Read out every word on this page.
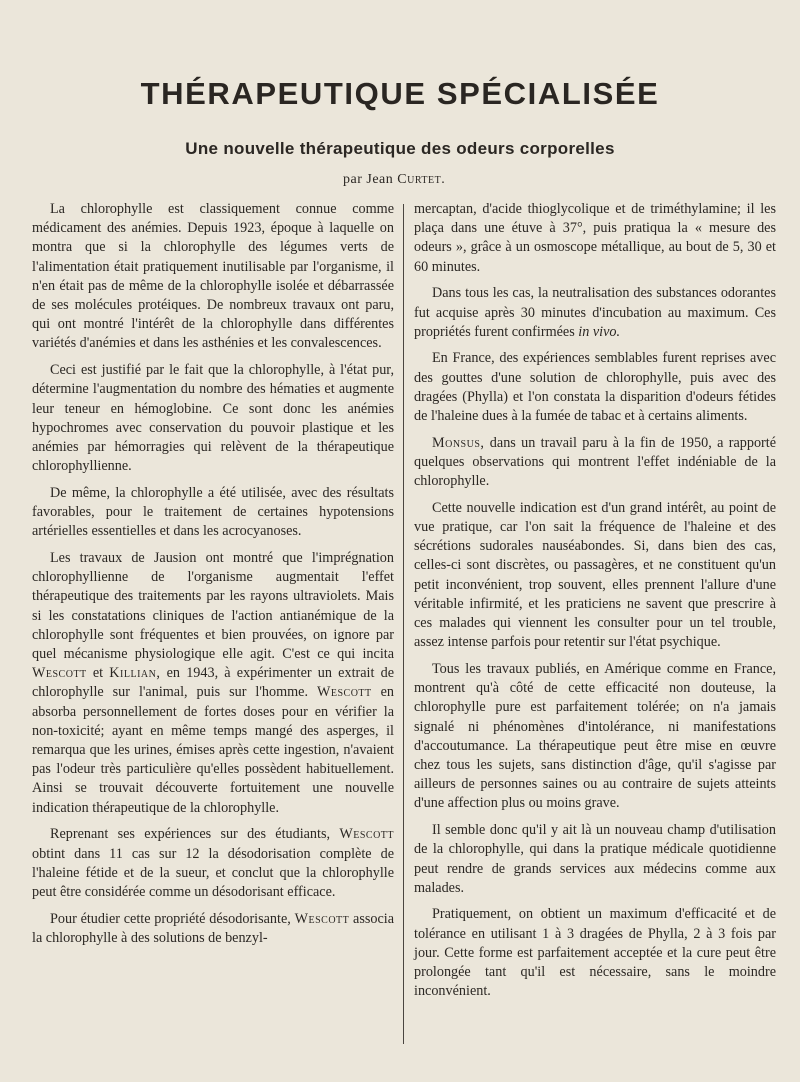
THÉRAPEUTIQUE SPÉCIALISÉE
Une nouvelle thérapeutique des odeurs corporelles
par Jean Curtet.

La chlorophylle est classiquement connue comme médicament des anémies. Depuis 1923, époque à laquelle on montra que si la chlorophylle des légumes verts de l'alimentation était pratiquement inutilisable par l'organisme, il n'en était pas de même de la chlorophylle isolée et débarrassée de ses molécules protéiques. De nombreux travaux ont paru, qui ont montré l'intérêt de la chlorophylle dans différentes variétés d'anémies et dans les asthénies et les convalescences.

Ceci est justifié par le fait que la chlorophylle, à l'état pur, détermine l'augmentation du nombre des hématies et augmente leur teneur en hémoglobine. Ce sont donc les anémies hypochromes avec conservation du pouvoir plastique et les anémies par hémorragies qui relèvent de la thérapeutique chlorophyllienne.

De même, la chlorophylle a été utilisée, avec des résultats favorables, pour le traitement de certaines hypotensions artérielles essentielles et dans les acrocyanoses.

Les travaux de Jausion ont montré que l'imprégnation chlorophyllienne de l'organisme augmentait l'effet thérapeutique des traitements par les rayons ultraviolets. Mais si les constatations cliniques de l'action antianémique de la chlorophylle sont fréquentes et bien prouvées, on ignore par quel mécanisme physiologique elle agit. C'est ce qui incita Wescott et Killian, en 1943, à expérimenter un extrait de chlorophylle sur l'animal, puis sur l'homme. Wescott en absorba personnellement de fortes doses pour en vérifier la non-toxicité; ayant en même temps mangé des asperges, il remarqua que les urines, émises après cette ingestion, n'avaient pas l'odeur très particulière qu'elles possèdent habituellement. Ainsi se trouvait découverte fortuitement une nouvelle indication thérapeutique de la chlorophylle.

Reprenant ses expériences sur des étudiants, Wescott obtint dans 11 cas sur 12 la désodorisation complète de l'haleine fétide et de la sueur, et conclut que la chlorophylle peut être considérée comme un désodorisant efficace.

Pour étudier cette propriété désodorisante, Wescott associa la chlorophylle à des solutions de benzyl-

mercaptan, d'acide thioglycolique et de triméthylamine; il les plaça dans une étuve à 37°, puis pratiqua la « mesure des odeurs », grâce à un osmoscope métallique, au bout de 5, 30 et 60 minutes.

Dans tous les cas, la neutralisation des substances odorantes fut acquise après 30 minutes d'incubation au maximum. Ces propriétés furent confirmées in vivo.

En France, des expériences semblables furent reprises avec des gouttes d'une solution de chlorophylle, puis avec des dragées (Phylla) et l'on constata la disparition d'odeurs fétides de l'haleine dues à la fumée de tabac et à certains aliments.

Monsus, dans un travail paru à la fin de 1950, a rapporté quelques observations qui montrent l'effet indéniable de la chlorophylle.

Cette nouvelle indication est d'un grand intérêt, au point de vue pratique, car l'on sait la fréquence de l'haleine et des sécrétions sudorales nauséabondes. Si, dans bien des cas, celles-ci sont discrètes, ou passagères, et ne constituent qu'un petit inconvénient, trop souvent, elles prennent l'allure d'une véritable infirmité, et les praticiens ne savent que prescrire à ces malades qui viennent les consulter pour un tel trouble, assez intense parfois pour retentir sur l'état psychique.

Tous les travaux publiés, en Amérique comme en France, montrent qu'à côté de cette efficacité non douteuse, la chlorophylle pure est parfaitement tolérée; on n'a jamais signalé ni phénomènes d'intolérance, ni manifestations d'accoutumance. La thérapeutique peut être mise en œuvre chez tous les sujets, sans distinction d'âge, qu'il s'agisse par ailleurs de personnes saines ou au contraire de sujets atteints d'une affection plus ou moins grave.

Il semble donc qu'il y ait là un nouveau champ d'utilisation de la chlorophylle, qui dans la pratique médicale quotidienne peut rendre de grands services aux médecins comme aux malades.

Pratiquement, on obtient un maximum d'efficacité et de tolérance en utilisant 1 à 3 dragées de Phylla, 2 à 3 fois par jour. Cette forme est parfaitement acceptée et la cure peut être prolongée tant qu'il est nécessaire, sans le moindre inconvénient.
